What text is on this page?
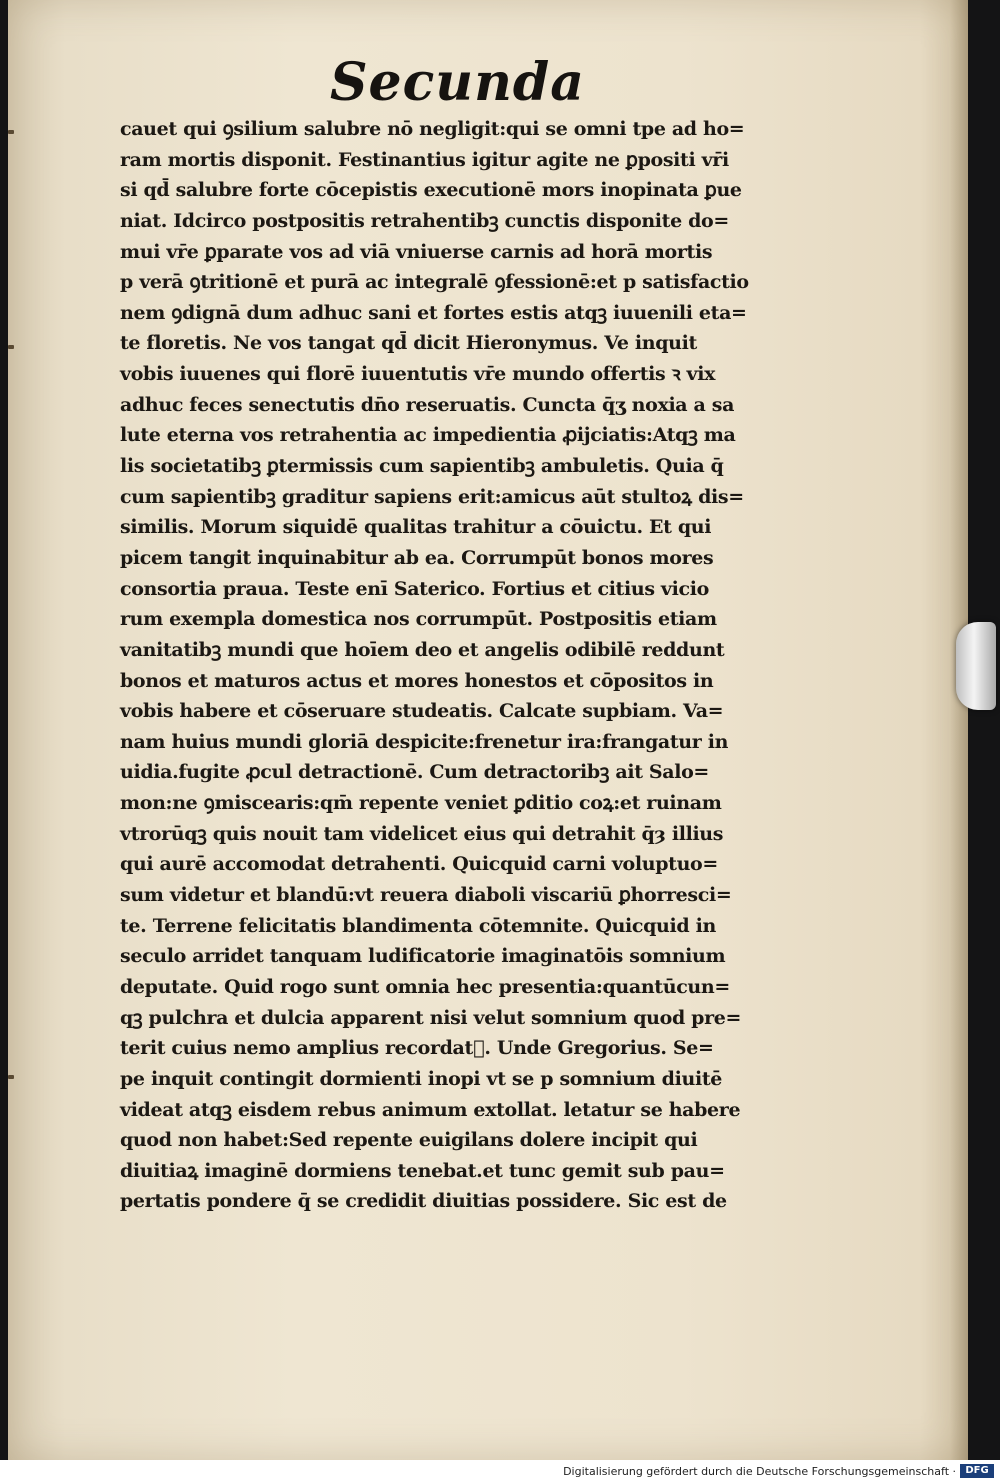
Secunda
cauet qui ꝯsilium salubre nō negligit:qui se omni tpe ad ho=
ram mortis disponit. Festinantius igitur agite ne ꝑpositi vr̄i
si qd̄ salubre forte cōcepistis executionē mors inopinata ꝑue
niat. Idcirco postpositis retrahentibꝫ cunctis disponite do=
mui vr̄e ꝑparate vos ad viā vniuerse carnis ad horā mortis
p verā ꝯtritionē et purā ac integralē ꝯfessionē:et p satisfactio
nem ꝯdignā dum adhuc sani et fortes estis atqꝫ iuuenili eta=
te floretis. Ne vos tangat qd̄ dicit Hieronymus. Ve inquit
vobis iuuenes qui florē iuuentutis vr̄e mundo offertis ꝛ vix
adhuc feces senectutis dn̄o reseruatis. Cuncta q̄ʒ noxia a sa
lute eterna vos retrahentia ac impedientia ꝓijciatis:Atqꝫ ma
lis societatibꝫ ꝑtermissis cum sapientibꝫ ambuletis. Quia q̄
cum sapientibꝫ graditur sapiens erit:amicus aūt stultoꝝ dis=
similis. Morum siquidē qualitas trahitur a cōuictu. Et qui
picem tangit inquinabitur ab ea. Corrumpūt bonos mores
consortia praua. Teste enī Saterico. Fortius et citius vicio
rum exempla domestica nos corrumpūt. Postpositis etiam
vanitatibꝫ mundi que hoīem deo et angelis odibilē reddunt
bonos et maturos actus et mores honestos et cōpositos in
vobis habere et cōseruare studeatis. Calcate supbiam. Va=
nam huius mundi gloriā despicite:frenetur ira:frangatur in
uidia.fugite ꝓcul detractionē. Cum detractoribꝫ ait Salo=
mon:ne ꝯmiscearis:qm̄ repente veniet ꝑditio coꝝ:et ruinam
vtrorūqꝫ quis nouit tam videlicet eius qui detrahit q̄ȝ illius
qui aurē accomodat detrahenti. Quicquid carni voluptuo=
sum videtur et blandū:vt reuera diaboli viscariū ꝑhorresci=
te. Terrene felicitatis blandimenta cōtemnite. Quicquid in
seculo arridet tanquam ludificatorie imaginatōis somnium
deputate. Quid rogo sunt omnia hec presentia:quantūcun=
qꝫ pulchra et dulcia apparent nisi velut somnium quod pre=
terit cuius nemo amplius recordat᷑. Unde Gregorius. Se=
pe inquit contingit dormienti inopi vt se p somnium diuitē
videat atqꝫ eisdem rebus animum extollat. letatur se habere
quod non habet:Sed repente euigilans dolere incipit qui
diuitiaꝝ imaginē dormiens tenebat.et tunc gemit sub pau=
pertatis pondere q̄ se credidit diuitias possidere. Sic est de
Digitalisierung gefördert durch die Deutsche Forschungsgemeinschaft · DFG
